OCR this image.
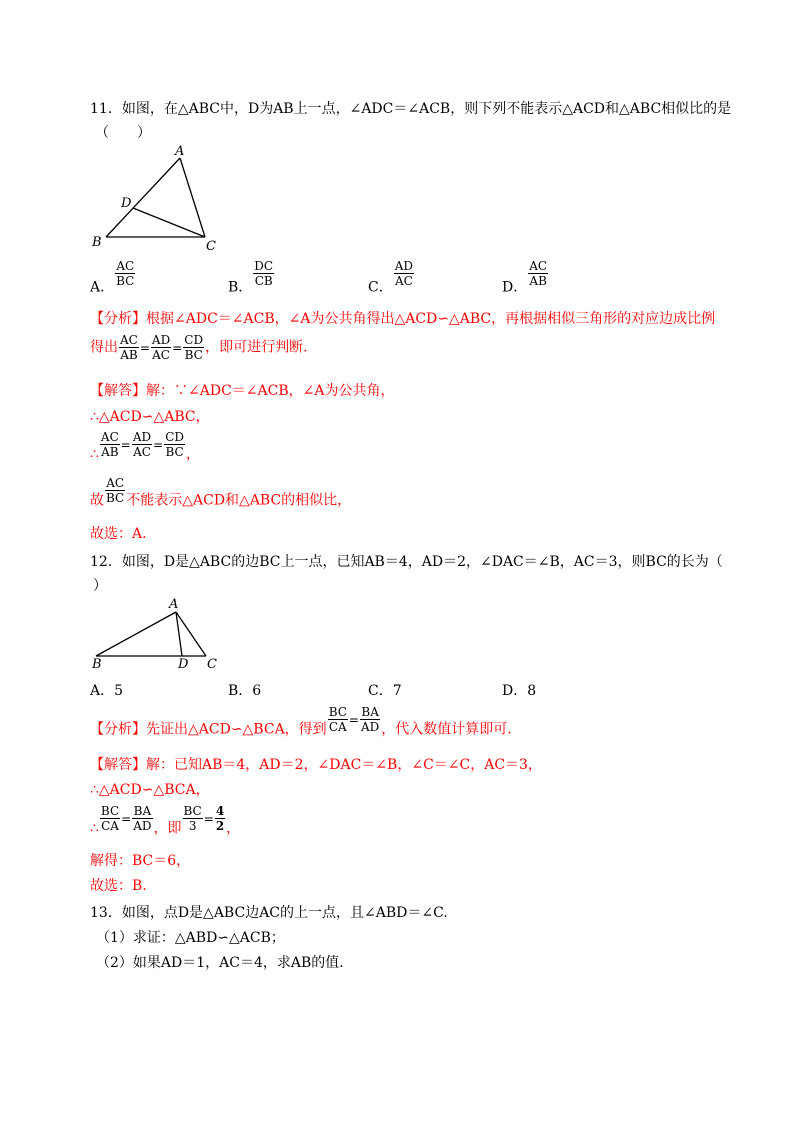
11．如图，在△ABC中，D为AB上一点，∠ADC＝∠ACB，则下列不能表示△ACD和△ABC相似比的是
（　　）
A
D
B	C
A． $\frac{AC}{BC}$	B． $\frac{DC}{CB}$	C． $\frac{AD}{AC}$	D． $\frac{AC}{AB}$
【分析】根据∠ADC＝∠ACB，∠A为公共角得出△ACD∽△ABC，再根据相似三角形的对应边成比例
得出 $\frac{AC}{AB} = \frac{AD}{AC} = \frac{CD}{BC}$ ，即可进行判断.
【解答】解：∵∠ADC＝∠ACB，∠A为公共角，
∴△ACD∽△ABC，
∴ $\frac{AC}{AB} = \frac{AD}{AC} = \frac{CD}{BC}$ ，
故 $\frac{AC}{BC}$ 不能表示△ACD和△ABC的相似比，
故选：A.
12．如图，D是△ABC的边BC上一点，已知AB＝4，AD＝2，∠DAC＝∠B，AC＝3，则BC的长为（
）
A
B	D C
A．5	B．6	C．7	D．8
【分析】先证出△ACD∽△BCA，得到 $\frac{BC}{CA} = \frac{BA}{AD}$ ，代入数值计算即可.
【解答】解：已知AB＝4，AD＝2，∠DAC＝∠B，∠C＝∠C，AC＝3，
∴△ACD∽△BCA，
∴ $\frac{BC}{CA} = \frac{BA}{AD}$ ，即 $\frac{BC}{3} = \frac{4}{2}$ ，
解得：BC＝6，
故选：B.
13．如图，点D是△ABC边AC的上一点，且∠ABD＝∠C.
（1）求证：△ABD∽△ACB；
（2）如果AD＝1，AC＝4，求AB的值.
